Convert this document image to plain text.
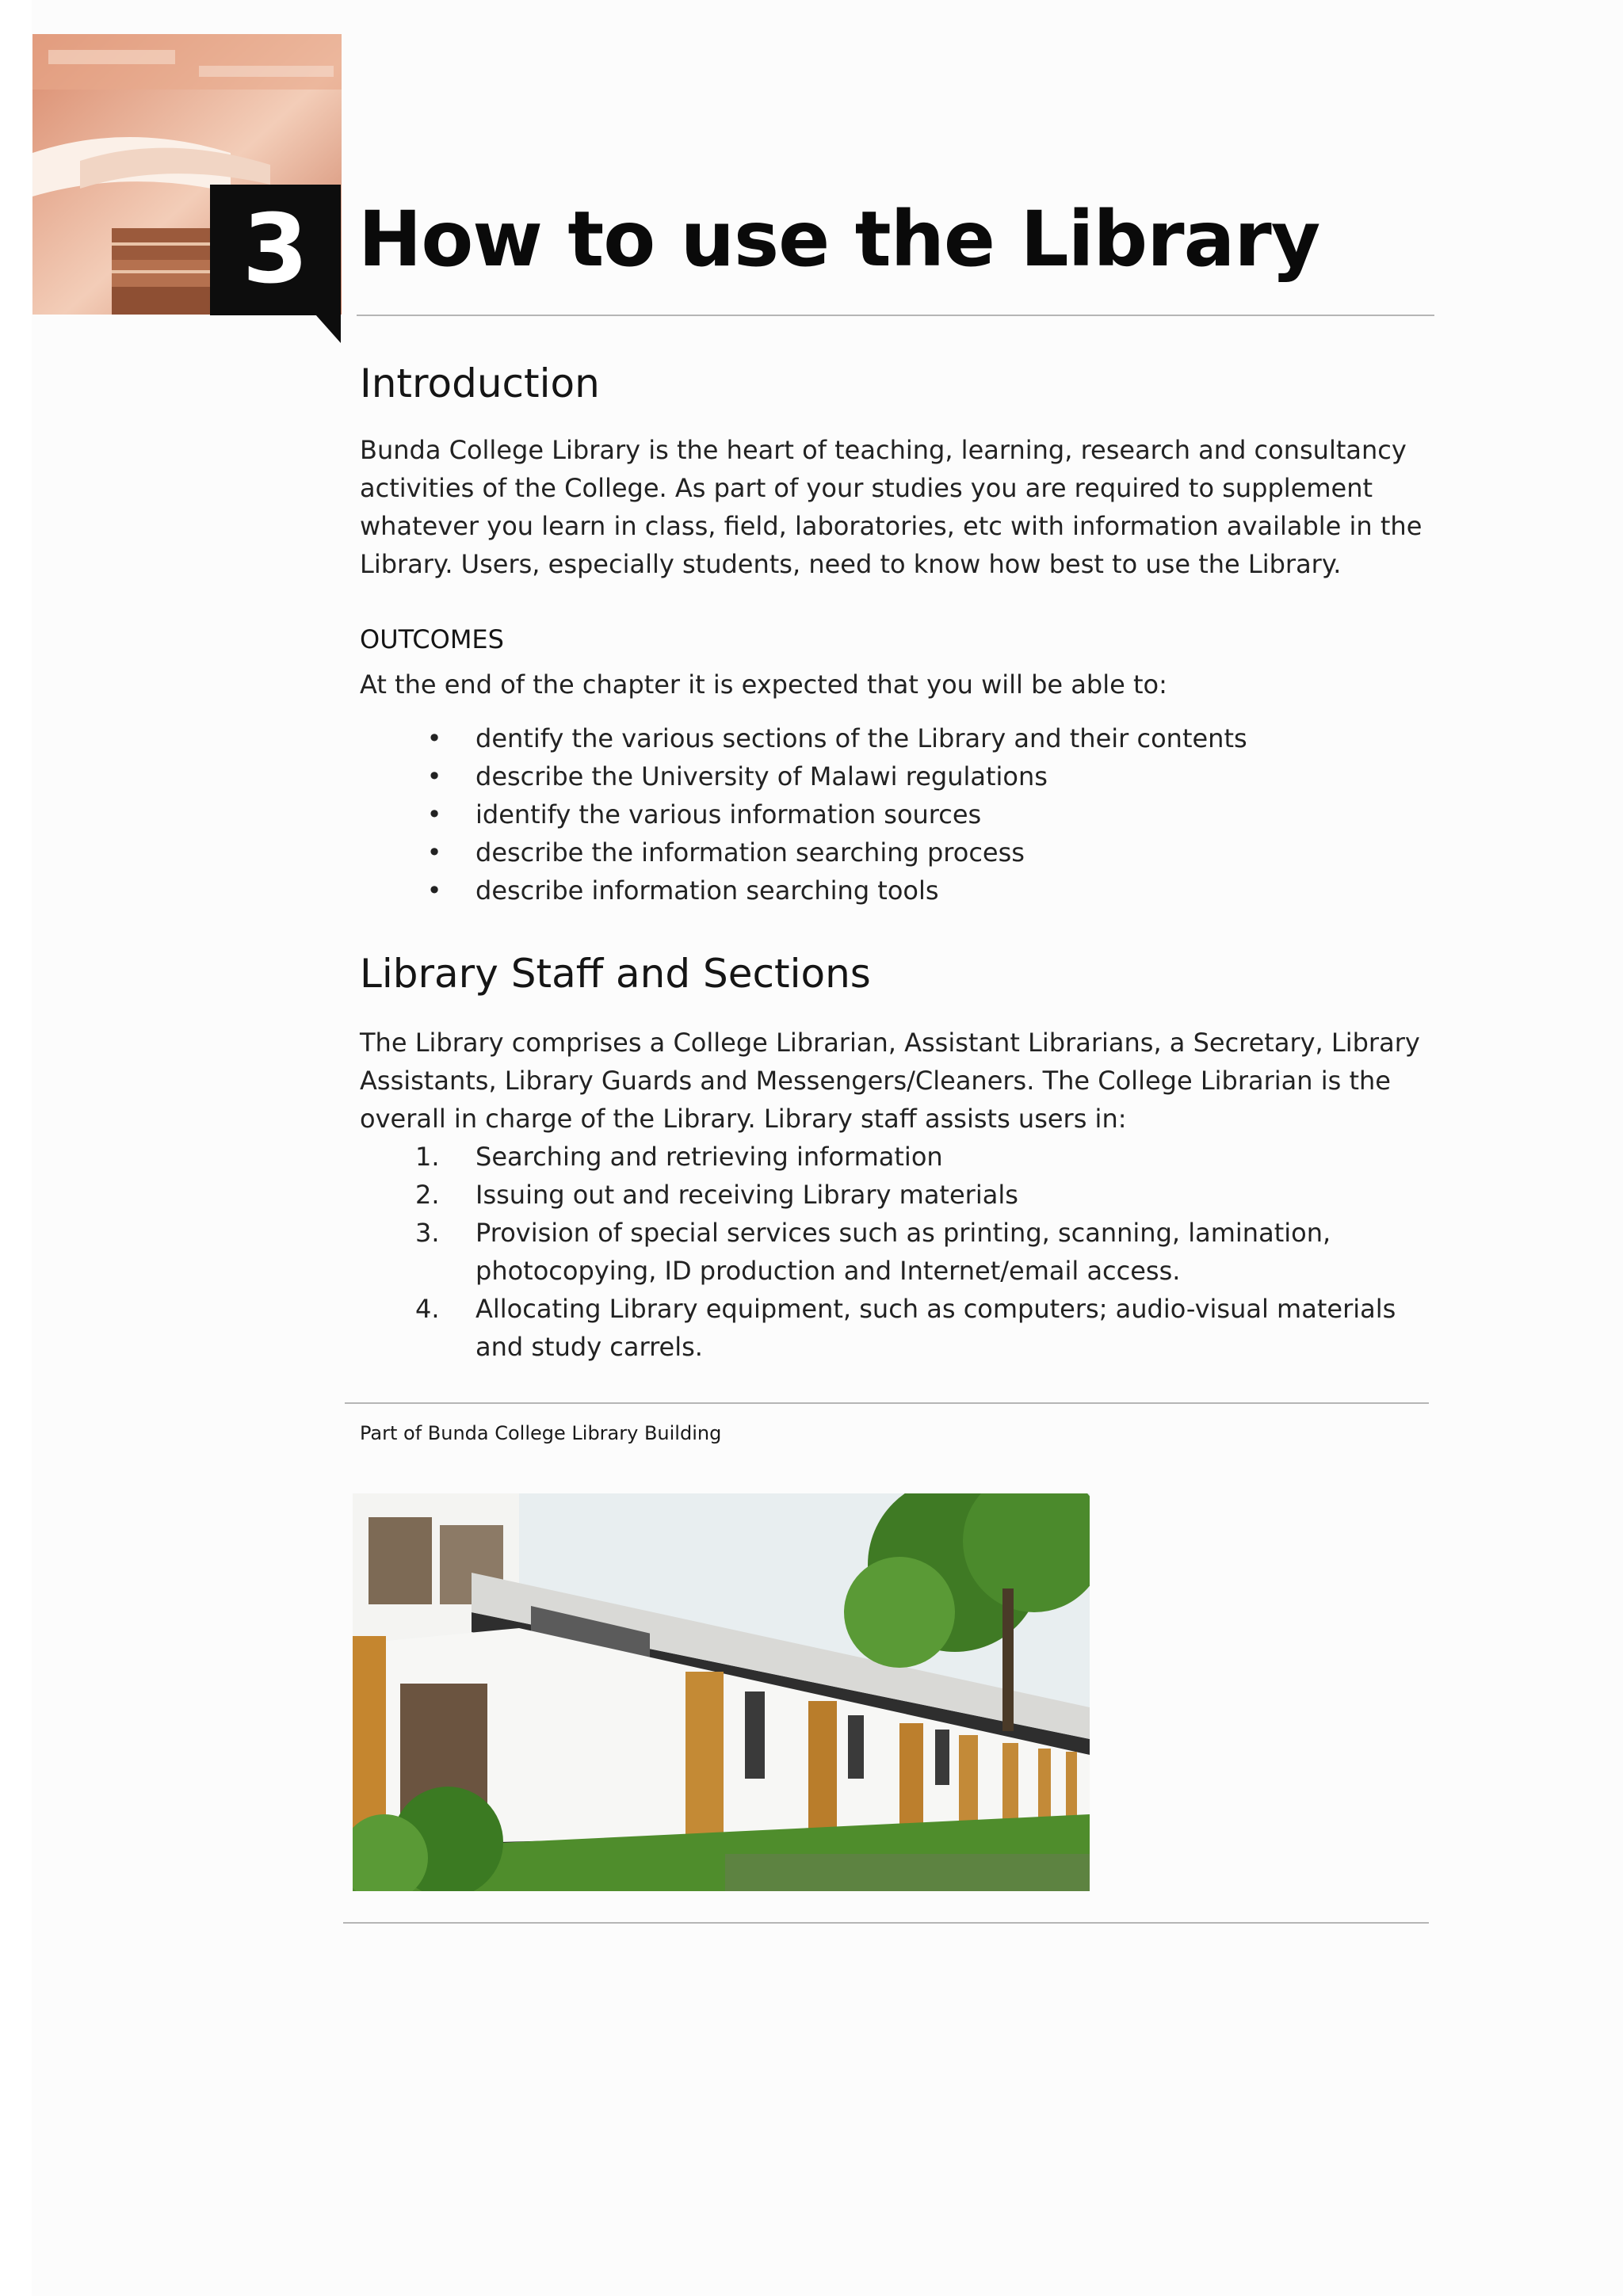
3 How to use the Library
Introduction

Bunda College Library is the heart of teaching, learning, research and consultancy activities of the College. As part of your studies you are required to supplement whatever you learn in class, field, laboratories, etc with information available in the Library. Users, especially students, need to know how best to use the Library.

OUTCOMES

At the end of the chapter it is expected that you will be able to:

• dentify the various sections of the Library and their contents
• describe the University of Malawi regulations
• identify the various information sources
• describe the information searching process
• describe information searching tools
Library Staff and Sections

The Library comprises a College Librarian, Assistant Librarians, a Secretary, Library Assistants, Library Guards and Messengers/Cleaners. The College Librarian is the overall in charge of the Library. Library staff assists users in:

1.	Searching and retrieving information
2.	Issuing out and receiving Library materials
3.	Provision of special services such as printing, scanning, lamination, photocopying, ID production and Internet/email access.
4.	Allocating Library equipment, such as computers; audio-visual materials and study carrels.

Part of Bunda College Library Building
